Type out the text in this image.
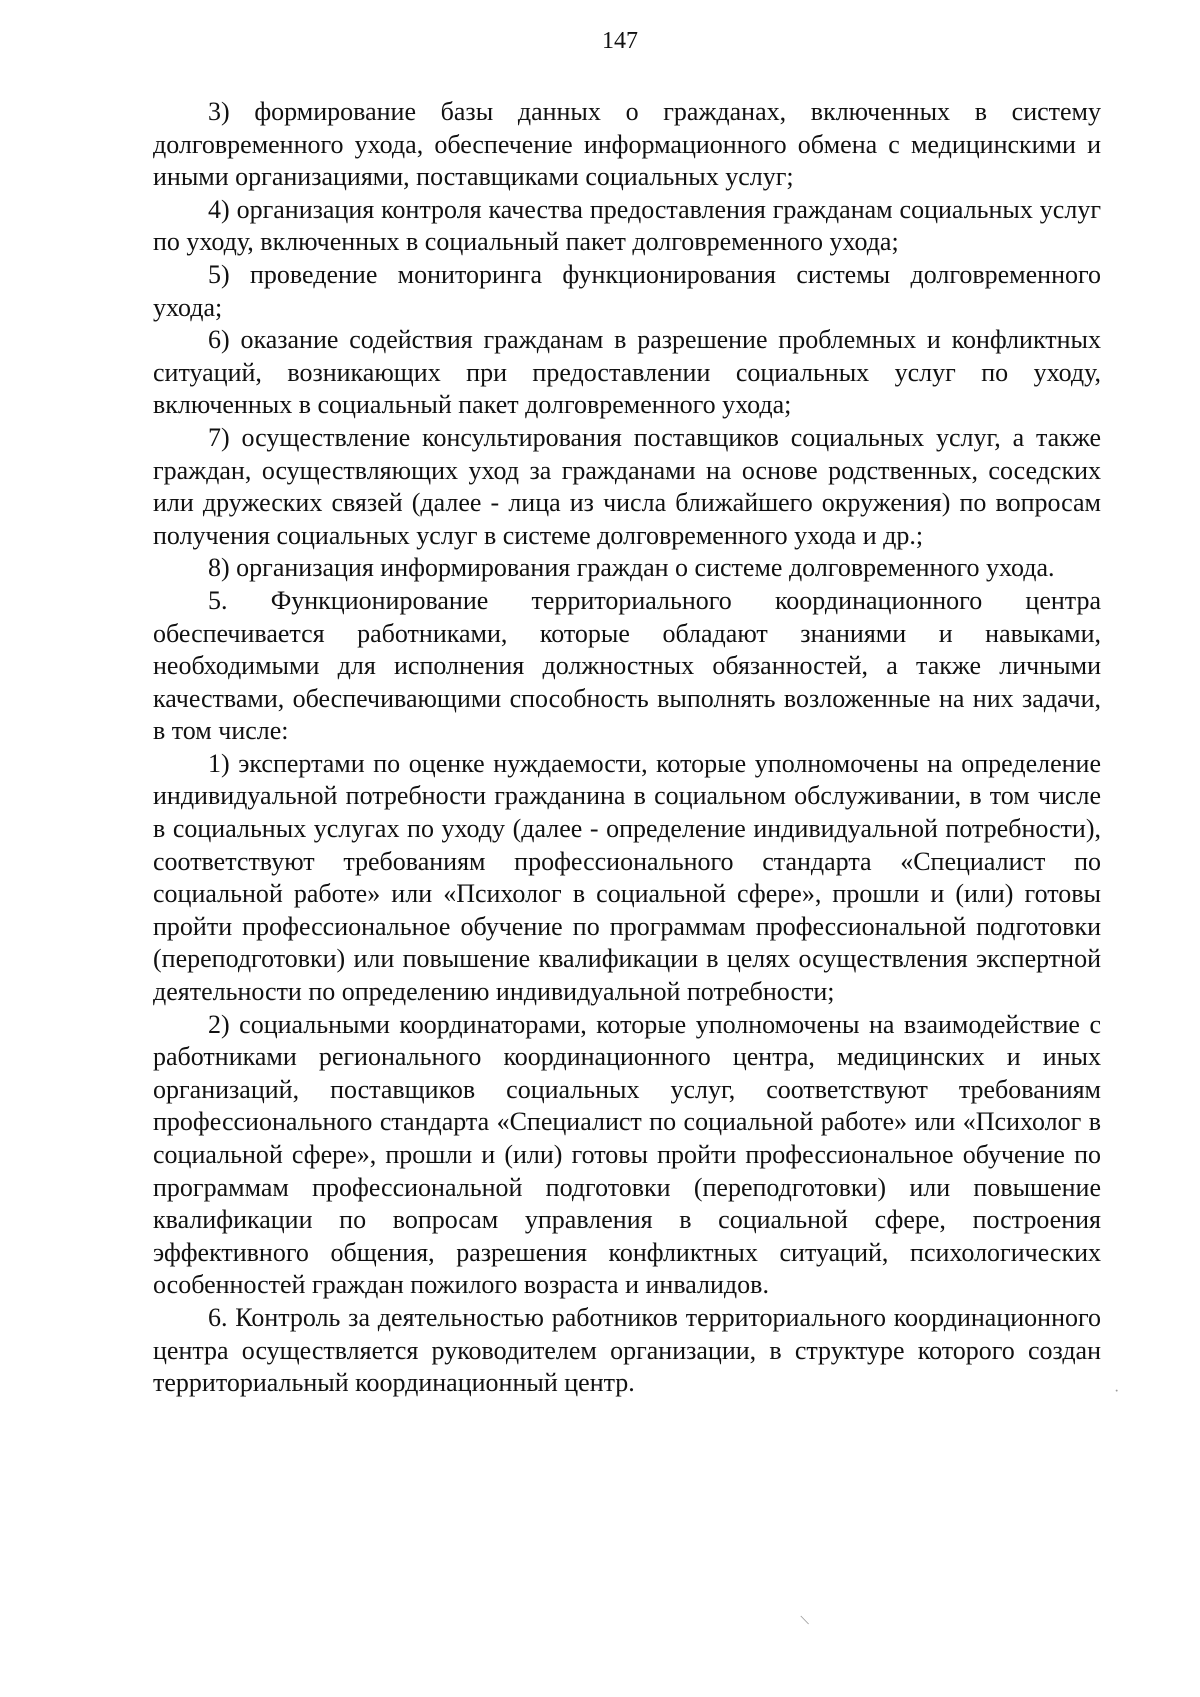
147

3) формирование базы данных о гражданах, включенных в систему долговременного ухода, обеспечение информационного обмена с медицинскими и иными организациями, поставщиками социальных услуг;

4) организация контроля качества предоставления гражданам социальных услуг по уходу, включенных в социальный пакет долговременного ухода;

5) проведение мониторинга функционирования системы долговременного ухода;

6) оказание содействия гражданам в разрешение проблемных и конфликтных ситуаций, возникающих при предоставлении социальных услуг по уходу, включенных в социальный пакет долговременного ухода;

7) осуществление консультирования поставщиков социальных услуг, а также граждан, осуществляющих уход за гражданами на основе родственных, соседских или дружеских связей (далее - лица из числа ближайшего окружения) по вопросам получения социальных услуг в системе долговременного ухода и др.;

8) организация информирования граждан о системе долговременного ухода.

5. Функционирование территориального координационного центра обеспечивается работниками, которые обладают знаниями и навыками, необходимыми для исполнения должностных обязанностей, а также личными качествами, обеспечивающими способность выполнять возложенные на них задачи, в том числе:

1) экспертами по оценке нуждаемости, которые уполномочены на определение индивидуальной потребности гражданина в социальном обслуживании, в том числе в социальных услугах по уходу (далее - определение индивидуальной потребности), соответствуют требованиям профессионального стандарта «Специалист по социальной работе» или «Психолог в социальной сфере», прошли и (или) готовы пройти профессиональное обучение по программам профессиональной подготовки (переподготовки) или повышение квалификации в целях осуществления экспертной деятельности по определению индивидуальной потребности;

2) социальными координаторами, которые уполномочены на взаимодействие с работниками регионального координационного центра, медицинских и иных организаций, поставщиков социальных услуг, соответствуют требованиям профессионального стандарта «Специалист по социальной работе» или «Психолог в социальной сфере», прошли и (или) готовы пройти профессиональное обучение по программам профессиональной подготовки (переподготовки) или повышение квалификации по вопросам управления в социальной сфере, построения эффективного общения, разрешения конфликтных ситуаций, психологических особенностей граждан пожилого возраста и инвалидов.

6. Контроль за деятельностью работников территориального координационного центра осуществляется руководителем организации, в структуре которого создан территориальный координационный центр.	·
\
